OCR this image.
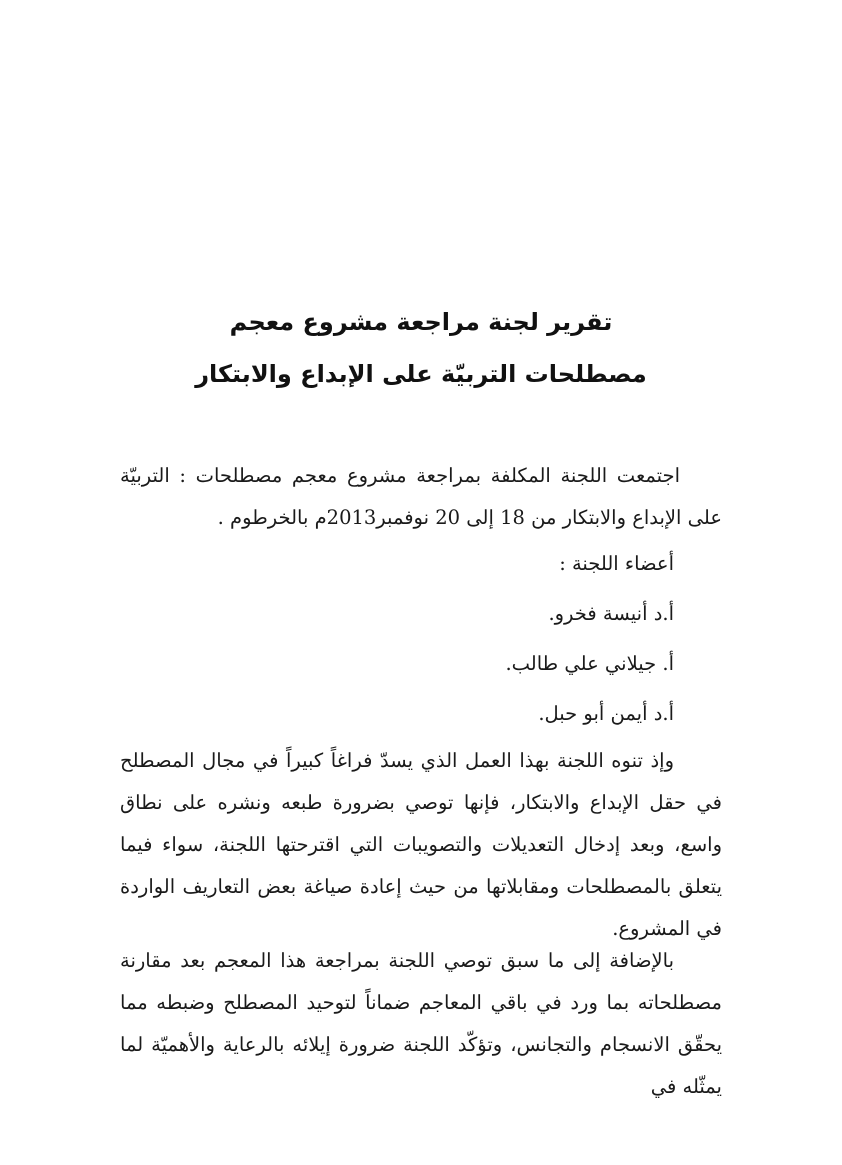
تقرير لجنة مراجعة مشروع معجم
مصطلحات التربيّة على الإبداع والابتكار

اجتمعت اللجنة المكلفة بمراجعة مشروع معجم مصطلحات : التربيّة على الإبداع والابتكار من 18 إلى 20 نوفمبر2013م بالخرطوم .

أعضاء اللجنة :
أ.د أنيسة فخرو.
أ. جيلاني علي طالب.
أ.د أيمن أبو حبل.

وإذ تنوه اللجنة بهذا العمل الذي يسدّ فراغاً كبيراً في مجال المصطلح في حقل الإبداع والابتكار، فإنها توصي بضرورة طبعه ونشره على نطاق واسع، وبعد إدخال التعديلات والتصويبات التي اقترحتها اللجنة، سواء فيما يتعلق بالمصطلحات ومقابلاتها من حيث إعادة صياغة بعض التعاريف الواردة في المشروع.

بالإضافة إلى ما سبق توصي اللجنة بمراجعة هذا المعجم بعد مقارنة مصطلحاته بما ورد في باقي المعاجم ضماناً لتوحيد المصطلح وضبطه مما يحقّق الانسجام والتجانس، وتؤكّد اللجنة ضرورة إيلائه بالرعاية والأهميّة لما يمثّله في
